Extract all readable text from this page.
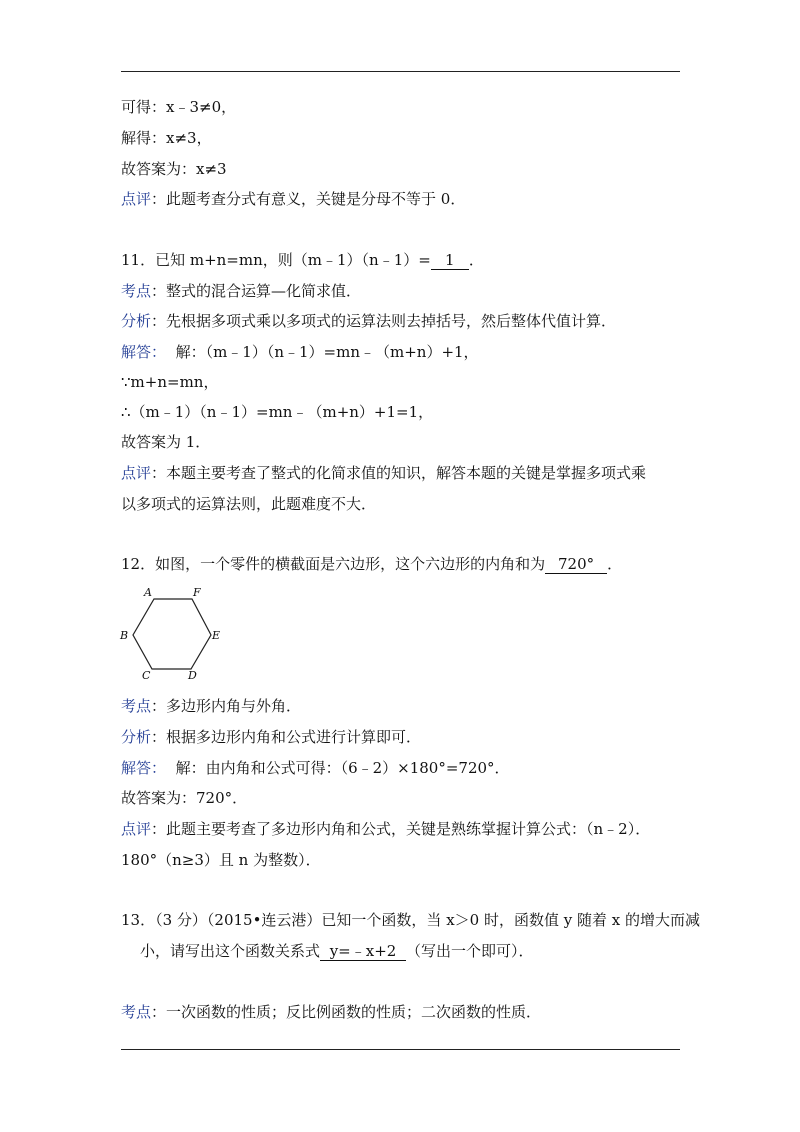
可得：x﹣3≠0，
解得：x≠3，
故答案为：x≠3
点评：此题考查分式有意义，关键是分母不等于 0．
11．已知 m+n=mn，则（m﹣1）（n﹣1）= 1 ．
考点：整式的混合运算—化简求值．
分析：先根据多项式乘以多项式的运算法则去掉括号，然后整体代值计算．
解答： 解：（m﹣1）（n﹣1）=mn﹣（m+n）+1，
∵m+n=mn，
∴（m﹣1）（n﹣1）=mn﹣（m+n）+1=1，
故答案为 1．
点评：本题主要考查了整式的化简求值的知识，解答本题的关键是掌握多项式乘
以多项式的运算法则，此题难度不大．
12．如图，一个零件的横截面是六边形，这个六边形的内角和为 720° ．
A	F
B	E
C	D
考点：多边形内角与外角．
分析：根据多边形内角和公式进行计算即可．
解答： 解：由内角和公式可得：（6﹣2）×180°=720°．
故答案为：720°．
点评：此题主要考查了多边形内角和公式，关键是熟练掌握计算公式：（n﹣2）．
180°（n≥3）且 n 为整数）．
13．（3 分）（2015•连云港）已知一个函数，当 x＞0 时，函数值 y 随着 x 的增大而减
小，请写出这个函数关系式 y=﹣x+2 （写出一个即可）．
考点：一次函数的性质；反比例函数的性质；二次函数的性质．
